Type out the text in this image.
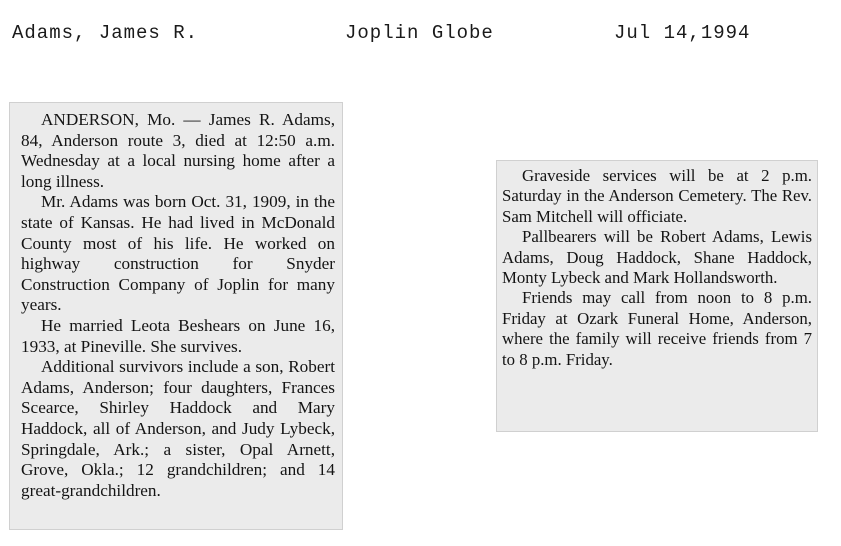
Adams, James R.	Joplin Globe	Jul 14,1994

ANDERSON, Mo. — James R. Adams, 84, Anderson route 3, died at 12:50 a.m. Wednesday at a local nursing home after a long illness.

Mr. Adams was born Oct. 31, 1909, in the state of Kansas. He had lived in McDonald County most of his life. He worked on highway construction for Snyder Construction Company of Joplin for many years.

He married Leota Beshears on June 16, 1933, at Pineville. She survives.

Additional survivors include a son, Robert Adams, Anderson; four daughters, Frances Scearce, Shirley Haddock and Mary Haddock, all of Anderson, and Judy Lybeck, Springdale, Ark.; a sister, Opal Arnett, Grove, Okla.; 12 grandchildren; and 14 great-grandchildren.

Graveside services will be at 2 p.m. Saturday in the Anderson Cemetery. The Rev. Sam Mitchell will officiate.

Pallbearers will be Robert Adams, Lewis Adams, Doug Haddock, Shane Haddock, Monty Lybeck and Mark Hollandsworth.

Friends may call from noon to 8 p.m. Friday at Ozark Funeral Home, Anderson, where the family will receive friends from 7 to 8 p.m. Friday.
